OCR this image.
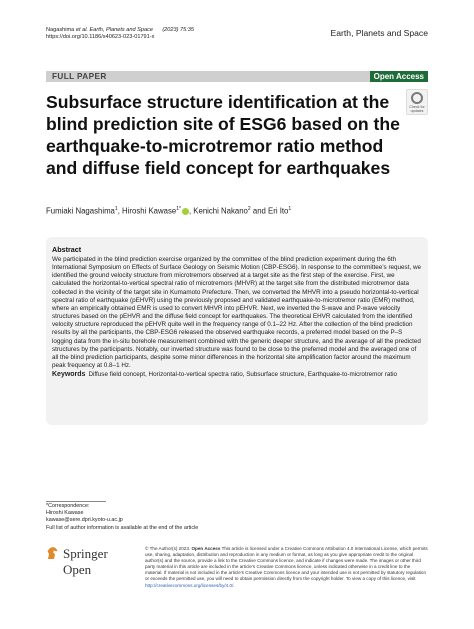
Nagashima et al. Earth, Planets and Space (2023) 75:35
https://doi.org/10.1186/s40623-023-01791-x	Earth, Planets and Space
FULL PAPER	Open Access
Subsurface structure identification at the blind prediction site of ESG6 based on the earthquake-to-microtremor ratio method and diffuse field concept for earthquakes
Check for
updates
Fumiaki Nagashima$^1$, Hiroshi Kawase$^{1*}$ , Kenichi Nakano$^2$ and Eri Ito$^1$
Abstract

We participated in the blind prediction exercise organized by the committee of the blind prediction experiment during the 6th International Symposium on Effects of Surface Geology on Seismic Motion (CBP-ESG6). In response to the committee’s request, we identified the ground velocity structure from microtremors observed at a target site as the first step of the exercise. First, we calculated the horizontal-to-vertical spectral ratio of microtremors (MHVR) at the target site from the distributed microtremor data collected in the vicinity of the target site in Kumamoto Prefecture. Then, we converted the MHVR into a pseudo horizontal-to-vertical spectral ratio of earthquake (pEHVR) using the previously proposed and validated earthquake-to-microtremor ratio (EMR) method, where an empirically obtained EMR is used to convert MHVR into pEHVR. Next, we inverted the S-wave and P-wave velocity structures based on the pEHVR and the diffuse field concept for earthquakes. The theoretical EHVR calculated from the identified velocity structure reproduced the pEHVR quite well in the frequency range of 0.1–22 Hz. After the collection of the blind prediction results by all the participants, the CBP-ESG6 released the observed earthquake records, a preferred model based on the P–S logging data from the in-situ borehole measurement combined with the generic deeper structure, and the average of all the predicted structures by the participants. Notably, our inverted structure was found to be close to the preferred model and the averaged one of all the blind prediction participants, despite some minor differences in the horizontal site amplification factor around the maximum peak frequency at 0.8–1 Hz.

Keywords Diffuse field concept, Horizontal-to-vertical spectra ratio, Subsurface structure, Earthquake-to-microtremor ratio

*Correspondence:
Hiroshi Kawase
kawase@sere.dpri.kyoto-u.ac.jp
Full list of author information is available at the end of the article
Springer Open

© The Author(s) 2023. Open Access This article is licensed under a Creative Commons Attribution 4.0 International License, which permits use, sharing, adaptation, distribution and reproduction in any medium or format, as long as you give appropriate credit to the original author(s) and the source, provide a link to the Creative Commons licence, and indicate if changes were made. The images or other third party material in this article are included in the article’s Creative Commons licence, unless indicated otherwise in a credit line to the material. If material is not included in the article’s Creative Commons licence and your intended use is not permitted by statutory regulation or exceeds the permitted use, you will need to obtain permission directly from the copyright holder. To view a copy of this licence, visit http://creativecommons.org/licenses/by/4.0/.
